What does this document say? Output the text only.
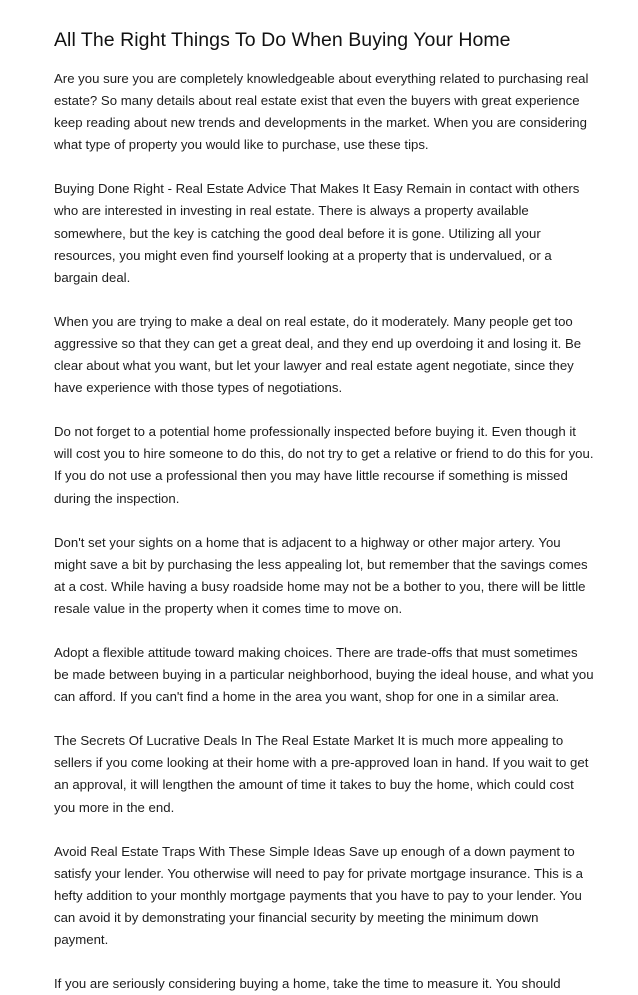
All The Right Things To Do When Buying Your Home

Are you sure you are completely knowledgeable about everything related to purchasing real estate? So many details about real estate exist that even the buyers with great experience keep reading about new trends and developments in the market. When you are considering what type of property you would like to purchase, use these tips.

Buying Done Right - Real Estate Advice That Makes It Easy Remain in contact with others who are interested in investing in real estate. There is always a property available somewhere, but the key is catching the good deal before it is gone. Utilizing all your resources, you might even find yourself looking at a property that is undervalued, or a bargain deal.

When you are trying to make a deal on real estate, do it moderately. Many people get too aggressive so that they can get a great deal, and they end up overdoing it and losing it. Be clear about what you want, but let your lawyer and real estate agent negotiate, since they have experience with those types of negotiations.

Do not forget to a potential home professionally inspected before buying it. Even though it will cost you to hire someone to do this, do not try to get a relative or friend to do this for you. If you do not use a professional then you may have little recourse if something is missed during the inspection.

Don't set your sights on a home that is adjacent to a highway or other major artery. You might save a bit by purchasing the less appealing lot, but remember that the savings comes at a cost. While having a busy roadside home may not be a bother to you, there will be little resale value in the property when it comes time to move on.

Adopt a flexible attitude toward making choices. There are trade-offs that must sometimes be made between buying in a particular neighborhood, buying the ideal house, and what you can afford. If you can't find a home in the area you want, shop for one in a similar area.

The Secrets Of Lucrative Deals In The Real Estate Market It is much more appealing to sellers if you come looking at their home with a pre-approved loan in hand. If you wait to get an approval, it will lengthen the amount of time it takes to buy the home, which could cost you more in the end.

Avoid Real Estate Traps With These Simple Ideas Save up enough of a down payment to satisfy your lender. You otherwise will need to pay for private mortgage insurance. This is a hefty addition to your monthly mortgage payments that you have to pay to your lender. You can avoid it by demonstrating your financial security by meeting the minimum down payment.

If you are seriously considering buying a home, take the time to measure it. You should
